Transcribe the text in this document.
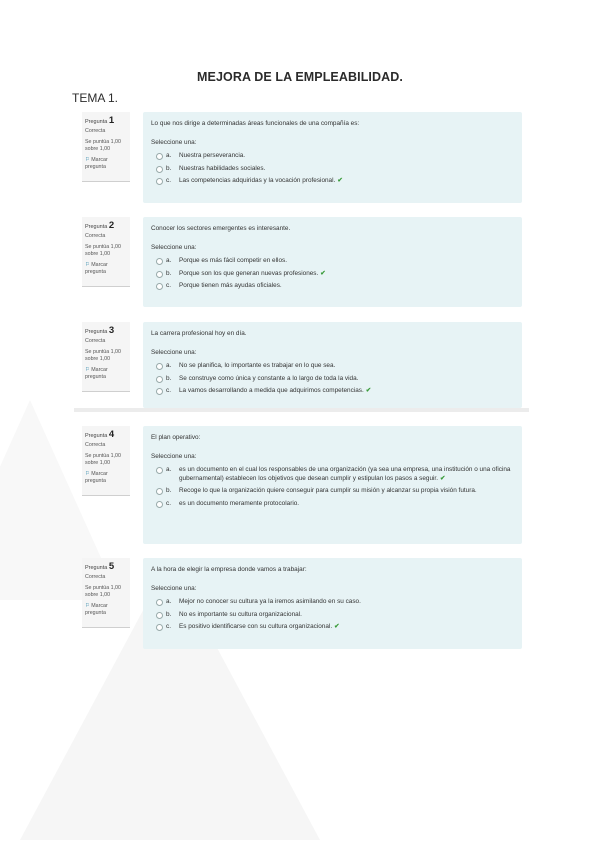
MEJORA DE LA EMPLEABILIDAD.
TEMA 1.
Pregunta 1
Correcta
Se puntúa 1,00 sobre 1,00
⚐ Marcar pregunta

Lo que nos dirige a determinadas áreas funcionales de una compañía es:

Seleccione una:

a. Nuestra perseverancia.
b. Nuestras habilidades sociales.
c. Las competencias adquiridas y la vocación profesional. ✔
Pregunta 2
Correcta
Se puntúa 1,00 sobre 1,00
⚐ Marcar pregunta

Conocer los sectores emergentes es interesante.

Seleccione una:

a. Porque es más fácil competir en ellos.
b. Porque son los que generan nuevas profesiones. ✔
c. Porque tienen más ayudas oficiales.
Pregunta 3
Correcta
Se puntúa 1,00 sobre 1,00
⚐ Marcar pregunta

La carrera profesional hoy en día.

Seleccione una:

a. No se planifica, lo importante es trabajar en lo que sea.
b. Se construye como única y constante a lo largo de toda la vida.
c. La vamos desarrollando a medida que adquirimos competencias. ✔
Pregunta 4
Correcta
Se puntúa 1,00 sobre 1,00
⚐ Marcar pregunta

El plan operativo:

Seleccione una:

a. es un documento en el cual los responsables de una organización (ya sea una empresa, una institución o una oficina gubernamental) establecen los objetivos que desean cumplir y estipulan los pasos a seguir. ✔
b. Recoge lo que la organización quiere conseguir para cumplir su misión y alcanzar su propia visión futura.
c. es un documento meramente protocolario.
Pregunta 5
Correcta
Se puntúa 1,00 sobre 1,00
⚐ Marcar pregunta

A la hora de elegir la empresa donde vamos a trabajar:

Seleccione una:

a. Mejor no conocer su cultura ya la iremos asimilando en su caso.
b. No es importante su cultura organizacional.
c. Es positivo identificarse con su cultura organizacional. ✔
